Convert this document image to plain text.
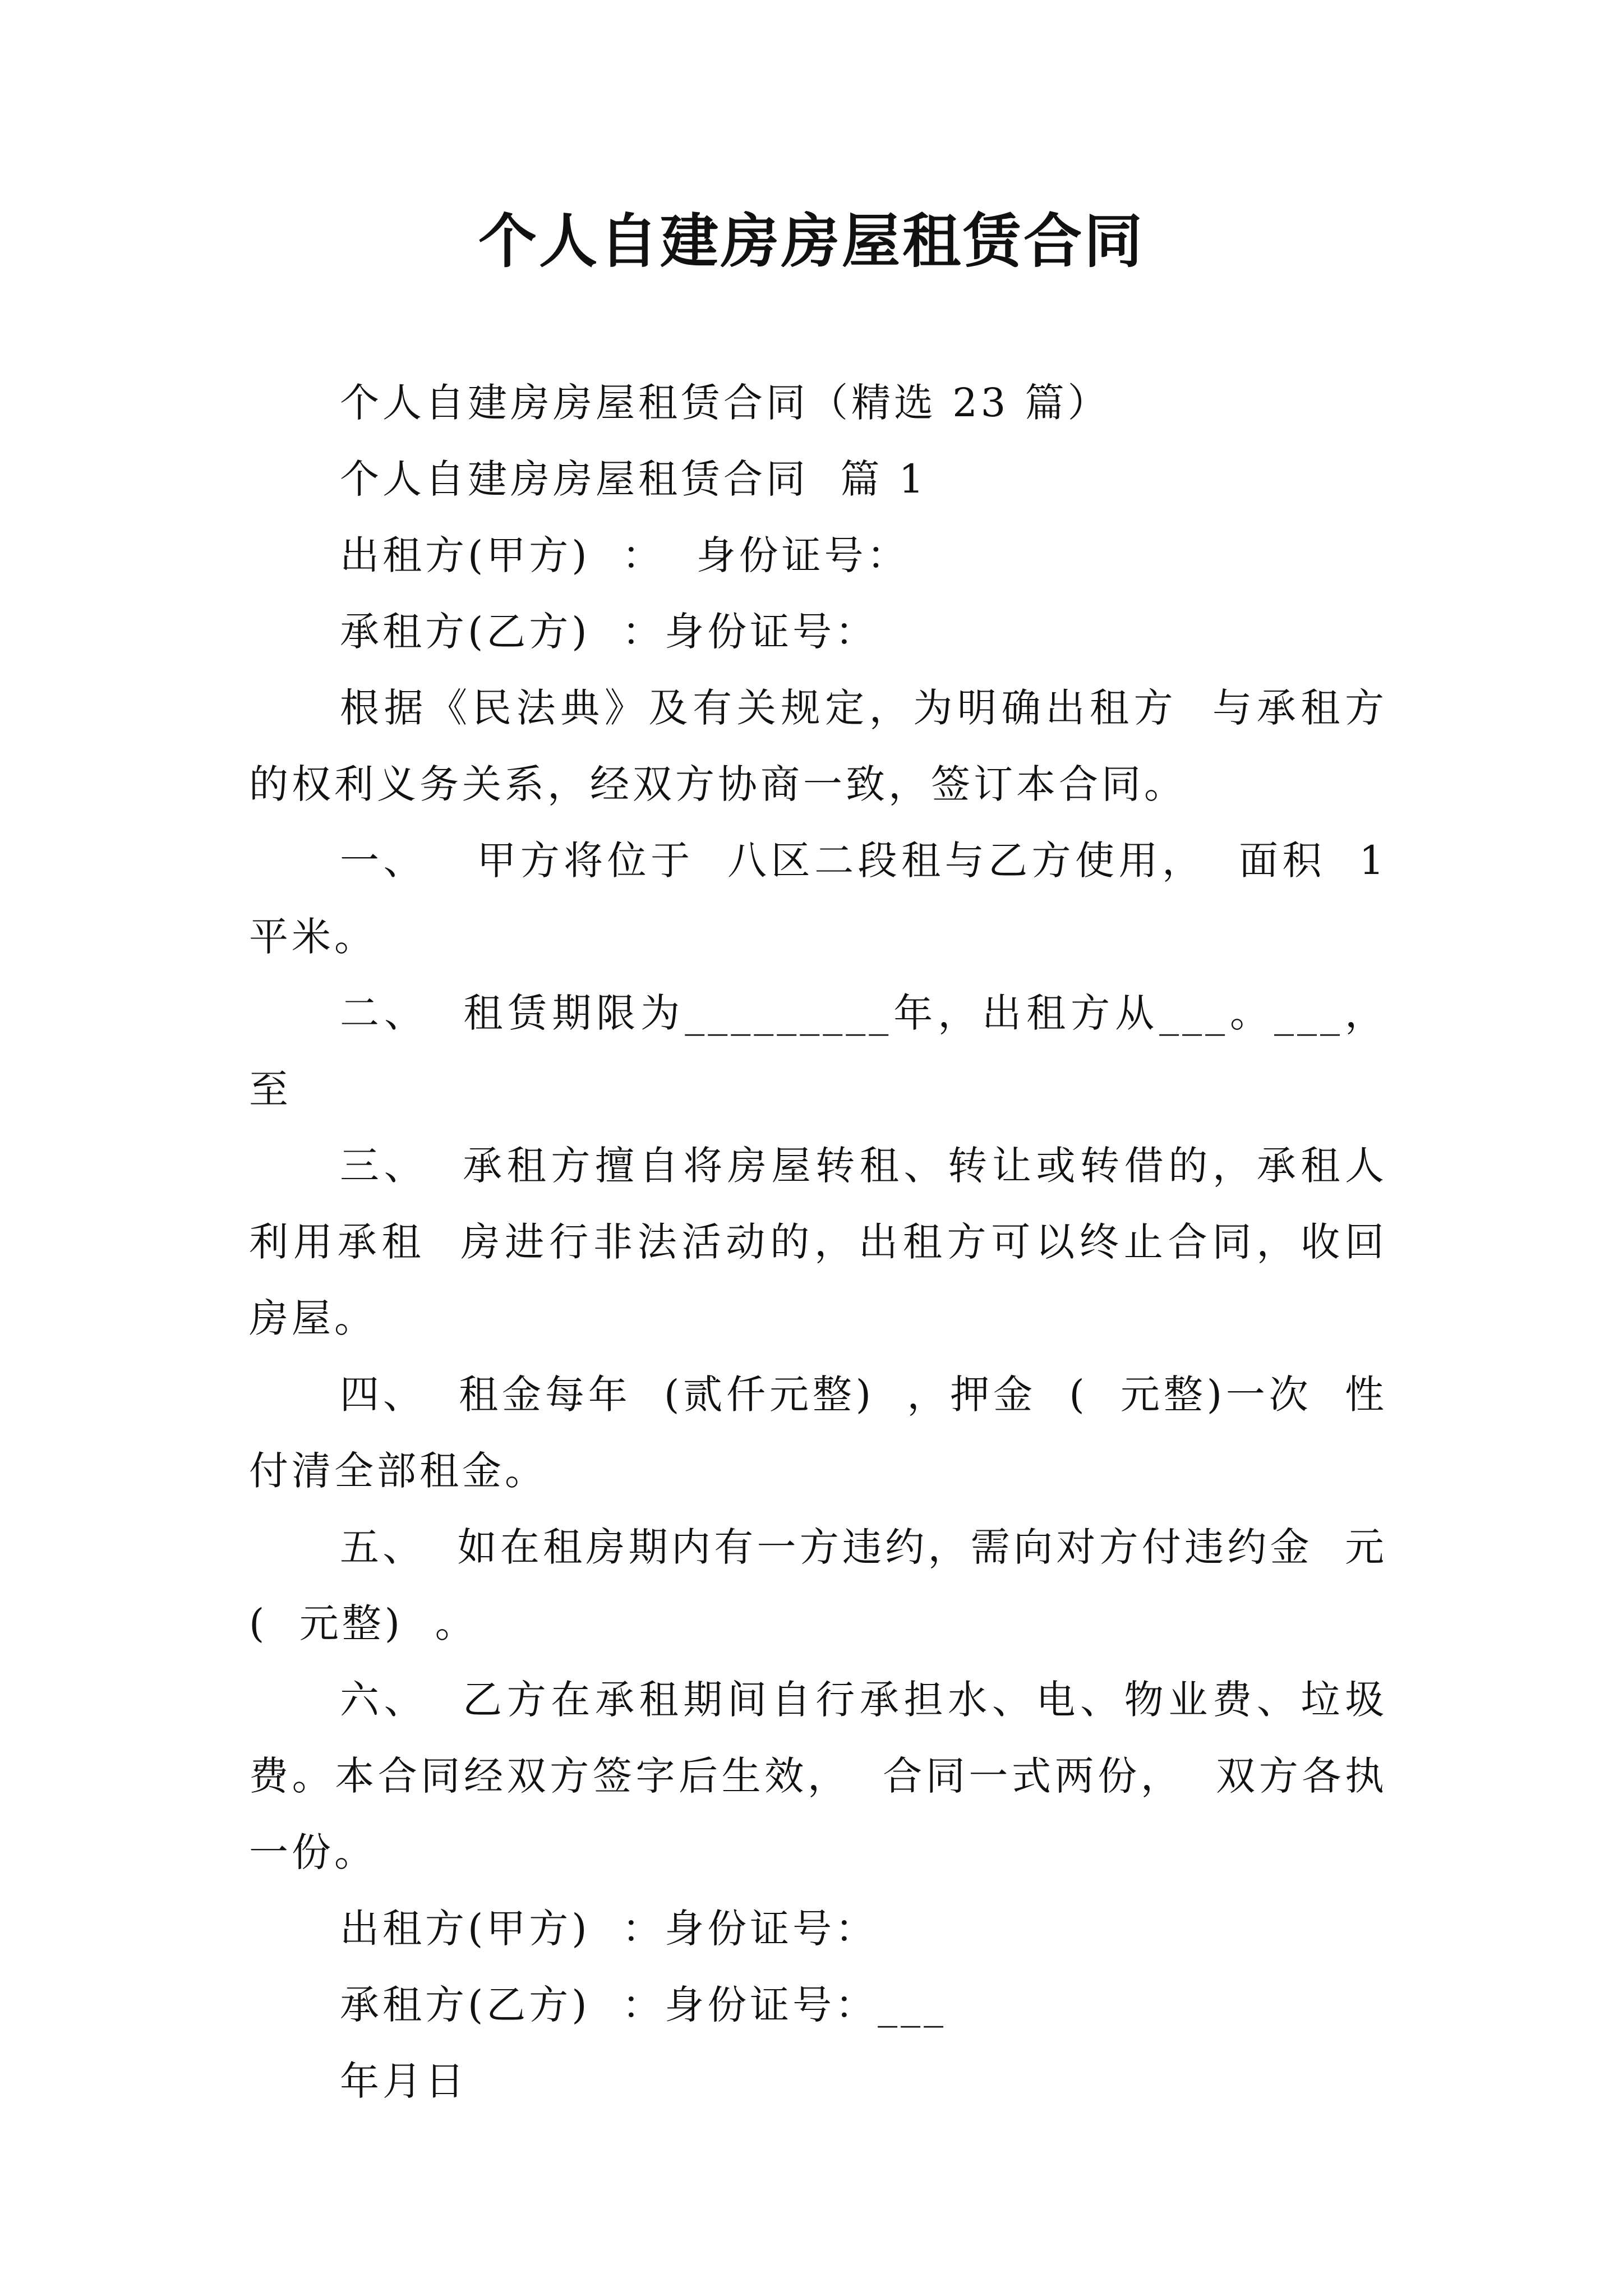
个人自建房房屋租赁合同

个人自建房房屋租赁合同（精选 23 篇）

个人自建房房屋租赁合同  篇 1

出租方(甲方)  ：  身份证号：

承租方(乙方)  ：身份证号：

根据《民法典》及有关规定，为明确出租方  与承租方的权利义务关系，经双方协商一致，签订本合同。

一、   甲方将位于  八区二段租与乙方使用，  面积  1 平米。

二、  租赁期限为_________年，出租方从___。___，至

三、  承租方擅自将房屋转租、转让或转借的，承租人利用承租  房进行非法活动的，出租方可以终止合同，收回房屋。

四、  租金每年  (贰仟元整)  ，押金  (  元整)一次  性付清全部租金。

五、  如在租房期内有一方违约，需向对方付违约金  元(  元整)  。

六、  乙方在承租期间自行承担水、电、物业费、垃圾费。本合同经双方签字后生效，  合同一式两份，  双方各执一份。

出租方(甲方)  ：身份证号：

承租方(乙方)  ：身份证号：___

年月日
